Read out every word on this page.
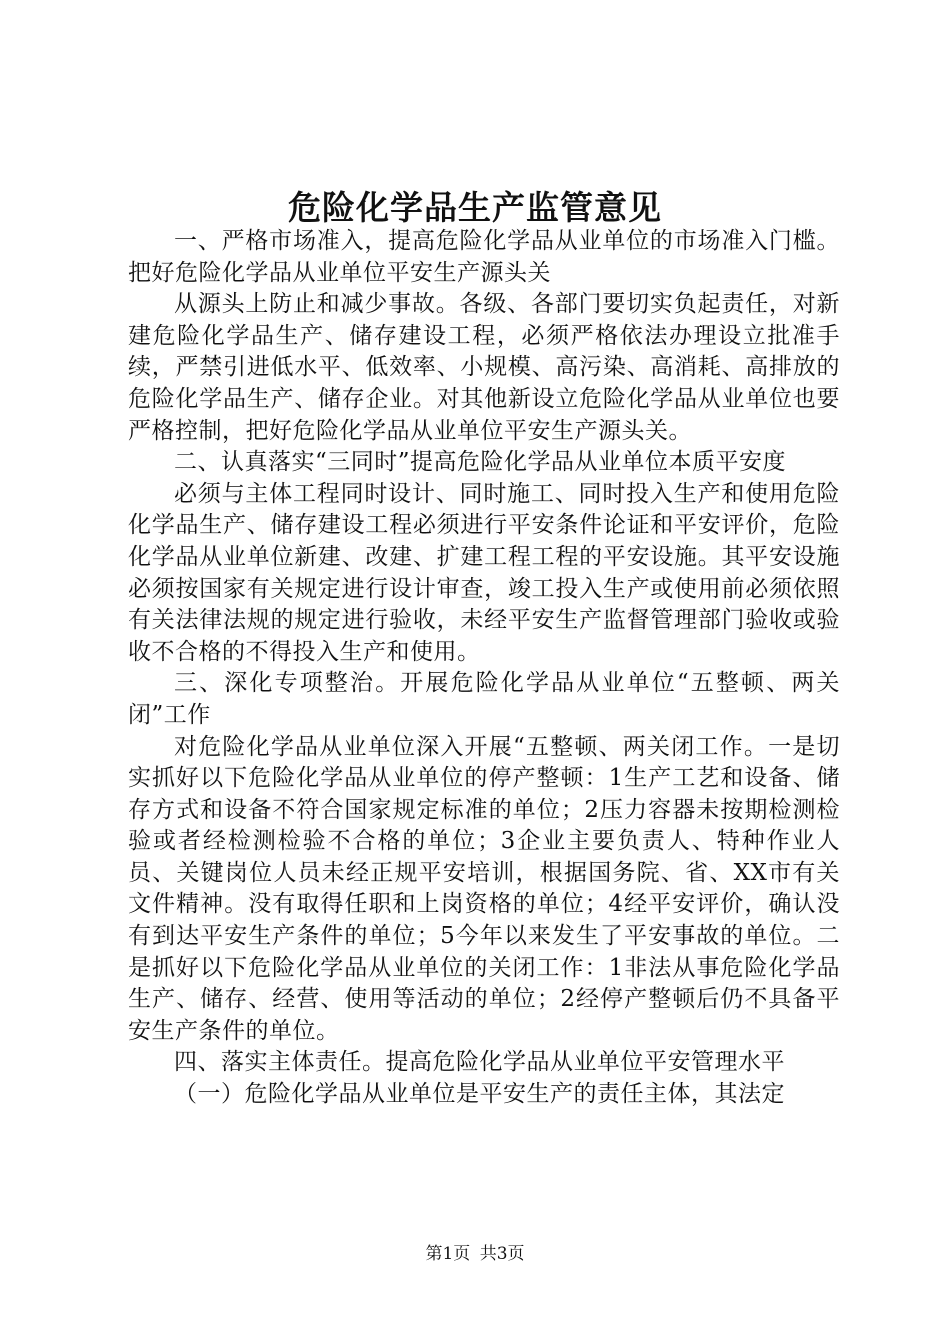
危险化学品生产监管意见

一、严格市场准入，提高危险化学品从业单位的市场准入门槛。把好危险化学品从业单位平安生产源头关

从源头上防止和减少事故。各级、各部门要切实负起责任，对新建危险化学品生产、储存建设工程，必须严格依法办理设立批准手续，严禁引进低水平、低效率、小规模、高污染、高消耗、高排放的危险化学品生产、储存企业。对其他新设立危险化学品从业单位也要严格控制，把好危险化学品从业单位平安生产源头关。

二、认真落实“三同时”提高危险化学品从业单位本质平安度

必须与主体工程同时设计、同时施工、同时投入生产和使用危险化学品生产、储存建设工程必须进行平安条件论证和平安评价，危险化学品从业单位新建、改建、扩建工程工程的平安设施。其平安设施必须按国家有关规定进行设计审查，竣工投入生产或使用前必须依照有关法律法规的规定进行验收，未经平安生产监督管理部门验收或验收不合格的不得投入生产和使用。

三、深化专项整治。开展危险化学品从业单位“五整顿、两关闭”工作

对危险化学品从业单位深入开展“五整顿、两关闭工作。一是切实抓好以下危险化学品从业单位的停产整顿：1生产工艺和设备、储存方式和设备不符合国家规定标准的单位；2压力容器未按期检测检验或者经检测检验不合格的单位；3企业主要负责人、特种作业人员、关键岗位人员未经正规平安培训，根据国务院、省、XX市有关文件精神。没有取得任职和上岗资格的单位；4经平安评价，确认没有到达平安生产条件的单位；5今年以来发生了平安事故的单位。二是抓好以下危险化学品从业单位的关闭工作：1非法从事危险化学品生产、储存、经营、使用等活动的单位；2经停产整顿后仍不具备平安生产条件的单位。

四、落实主体责任。提高危险化学品从业单位平安管理水平

（一）危险化学品从业单位是平安生产的责任主体，其法定

第1页 共3页
